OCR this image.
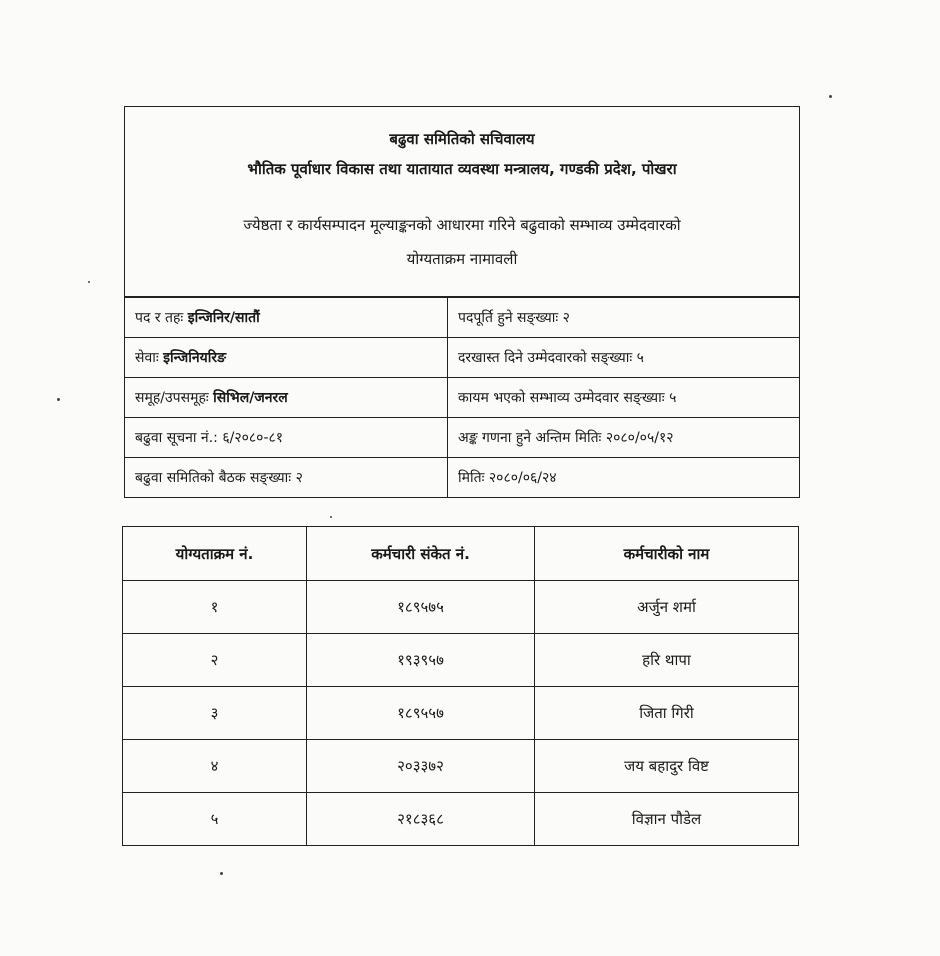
बढुवा समितिको सचिवालय
भौतिक पूर्वाधार विकास तथा यातायात व्यवस्था मन्त्रालय, गण्डकी प्रदेश, पोखरा
ज्येष्ठता र कार्यसम्पादन मूल्याङ्कनको आधारमा गरिने बढुवाको सम्भाव्य उम्मेदवारको
योग्यताक्रम नामावली
पद र तहः इन्जिनिर/सातौं	पदपूर्ति हुने सङ्ख्याः २
सेवाः इन्जिनियरिङ	दरखास्त दिने उम्मेदवारको सङ्ख्याः ५
समूह/उपसमूहः सिभिल/जनरल	कायम भएको सम्भाव्य उम्मेदवार सङ्ख्याः ५
बढुवा सूचना नं.: ६/२०८०-८१	अङ्क गणना हुने अन्तिम मितिः २०८०/०५/१२
बढुवा समितिको बैठक सङ्ख्याः २	मितिः २०८०/०६/२४
योग्यताक्रम नं.	कर्मचारी संकेत नं.	कर्मचारीको नाम
१	१८९५७५	अर्जुन शर्मा
२	१९३९५७	हरि थापा
३	१८९५५७	जिता गिरी
४	२०३३७२	जय बहादुर विष्ट
५	२१८३६८	विज्ञान पौडेल
